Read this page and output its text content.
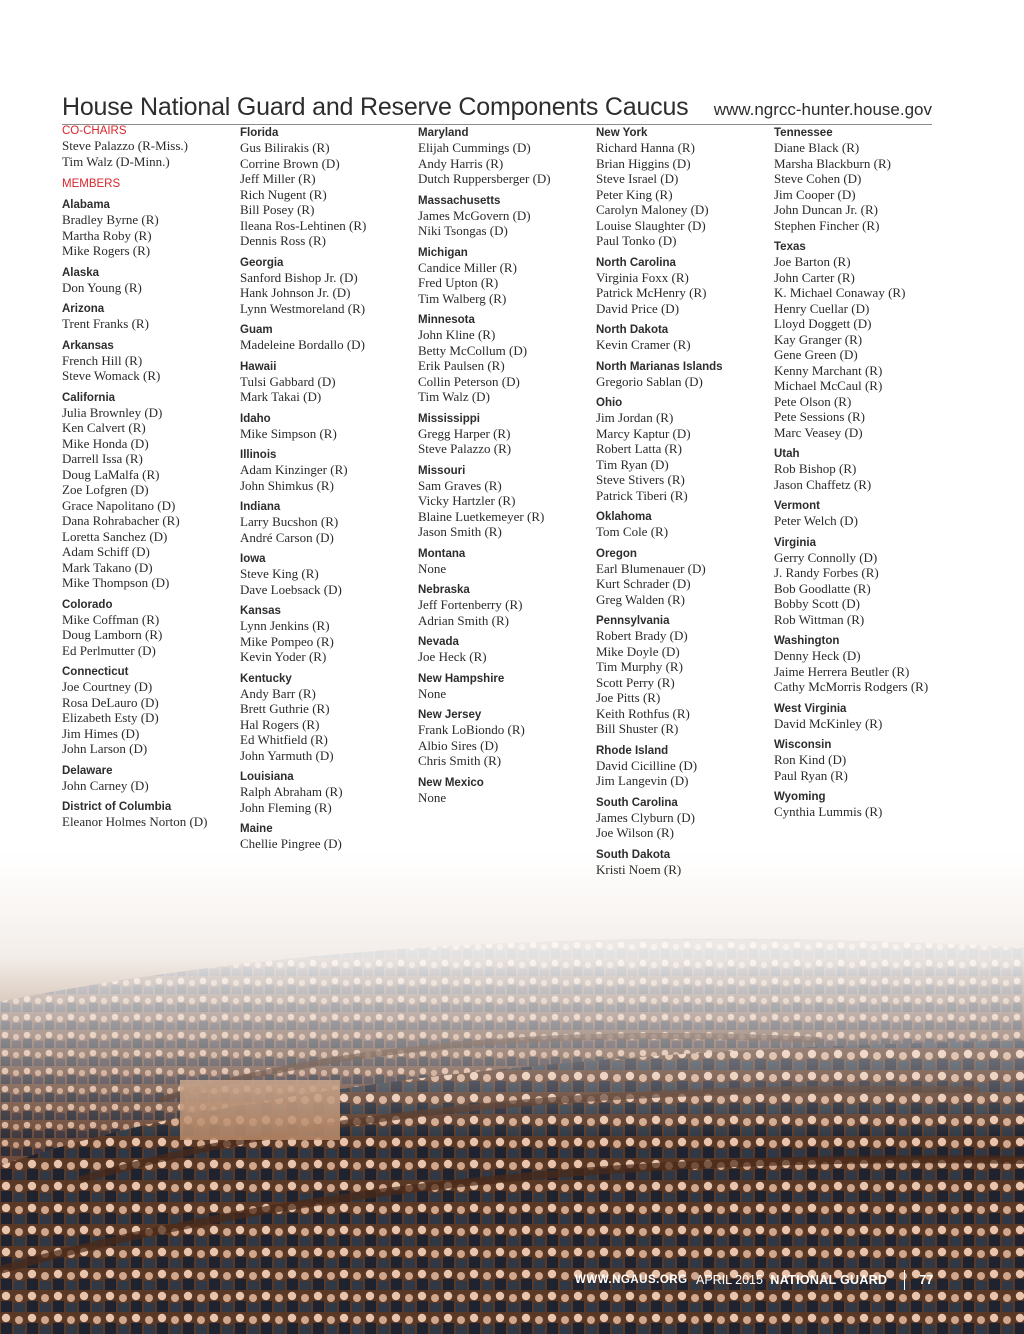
House National Guard and Reserve Components Caucus www.ngrcc-hunter.house.gov
CO-CHAIRS
Steve Palazzo (R-Miss.)
Tim Walz (D-Minn.)
MEMBERS
Alabama
Bradley Byrne (R)
Martha Roby (R)
Mike Rogers (R)
Alaska
Don Young (R)
Arizona
Trent Franks (R)
Arkansas
French Hill (R)
Steve Womack (R)
California
Julia Brownley (D)
Ken Calvert (R)
Mike Honda (D)
Darrell Issa (R)
Doug LaMalfa (R)
Zoe Lofgren (D)
Grace Napolitano (D)
Dana Rohrabacher (R)
Loretta Sanchez (D)
Adam Schiff (D)
Mark Takano (D)
Mike Thompson (D)
Colorado
Mike Coffman (R)
Doug Lamborn (R)
Ed Perlmutter (D)
Connecticut
Joe Courtney (D)
Rosa DeLauro (D)
Elizabeth Esty (D)
Jim Himes (D)
John Larson (D)
Delaware
John Carney (D)
District of Columbia
Eleanor Holmes Norton (D)
Florida
Gus Bilirakis (R)
Corrine Brown (D)
Jeff Miller (R)
Rich Nugent (R)
Bill Posey (R)
Ileana Ros-Lehtinen (R)
Dennis Ross (R)
Georgia
Sanford Bishop Jr. (D)
Hank Johnson Jr. (D)
Lynn Westmoreland (R)
Guam
Madeleine Bordallo (D)
Hawaii
Tulsi Gabbard (D)
Mark Takai (D)
Idaho
Mike Simpson (R)
Illinois
Adam Kinzinger (R)
John Shimkus (R)
Indiana
Larry Bucshon (R)
André Carson (D)
Iowa
Steve King (R)
Dave Loebsack (D)
Kansas
Lynn Jenkins (R)
Mike Pompeo (R)
Kevin Yoder (R)
Kentucky
Andy Barr (R)
Brett Guthrie (R)
Hal Rogers (R)
Ed Whitfield (R)
John Yarmuth (D)
Louisiana
Ralph Abraham (R)
John Fleming (R)
Maine
Chellie Pingree (D)
Maryland
Elijah Cummings (D)
Andy Harris (R)
Dutch Ruppersberger (D)
Massachusetts
James McGovern (D)
Niki Tsongas (D)
Michigan
Candice Miller (R)
Fred Upton (R)
Tim Walberg (R)
Minnesota
John Kline (R)
Betty McCollum (D)
Erik Paulsen (R)
Collin Peterson (D)
Tim Walz (D)
Mississippi
Gregg Harper (R)
Steve Palazzo (R)
Missouri
Sam Graves (R)
Vicky Hartzler (R)
Blaine Luetkemeyer (R)
Jason Smith (R)
Montana
None
Nebraska
Jeff Fortenberry (R)
Adrian Smith (R)
Nevada
Joe Heck (R)
New Hampshire
None
New Jersey
Frank LoBiondo (R)
Albio Sires (D)
Chris Smith (R)
New Mexico
None
New York
Richard Hanna (R)
Brian Higgins (D)
Steve Israel (D)
Peter King (R)
Carolyn Maloney (D)
Louise Slaughter (D)
Paul Tonko (D)
North Carolina
Virginia Foxx (R)
Patrick McHenry (R)
David Price (D)
North Dakota
Kevin Cramer (R)
North Marianas Islands
Gregorio Sablan (D)
Ohio
Jim Jordan (R)
Marcy Kaptur (D)
Robert Latta (R)
Tim Ryan (D)
Steve Stivers (R)
Patrick Tiberi (R)
Oklahoma
Tom Cole (R)
Oregon
Earl Blumenauer (D)
Kurt Schrader (D)
Greg Walden (R)
Pennsylvania
Robert Brady (D)
Mike Doyle (D)
Tim Murphy (R)
Scott Perry (R)
Joe Pitts (R)
Keith Rothfus (R)
Bill Shuster (R)
Rhode Island
David Cicilline (D)
Jim Langevin (D)
South Carolina
James Clyburn (D)
Joe Wilson (R)
South Dakota
Kristi Noem (R)
Tennessee
Diane Black (R)
Marsha Blackburn (R)
Steve Cohen (D)
Jim Cooper (D)
John Duncan Jr. (R)
Stephen Fincher (R)
Texas
Joe Barton (R)
John Carter (R)
K. Michael Conaway (R)
Henry Cuellar (D)
Lloyd Doggett (D)
Kay Granger (R)
Gene Green (D)
Kenny Marchant (R)
Michael McCaul (R)
Pete Olson (R)
Pete Sessions (R)
Marc Veasey (D)
Utah
Rob Bishop (R)
Jason Chaffetz (R)
Vermont
Peter Welch (D)
Virginia
Gerry Connolly (D)
J. Randy Forbes (R)
Bob Goodlatte (R)
Bobby Scott (D)
Rob Wittman (R)
Washington
Denny Heck (D)
Jaime Herrera Beutler (R)
Cathy McMorris Rodgers (R)
West Virginia
David McKinley (R)
Wisconsin
Ron Kind (D)
Paul Ryan (R)
Wyoming
Cynthia Lummis (R)
WWW.NGAUS.ORG APRIL 2015 NATIONAL GUARD	77
